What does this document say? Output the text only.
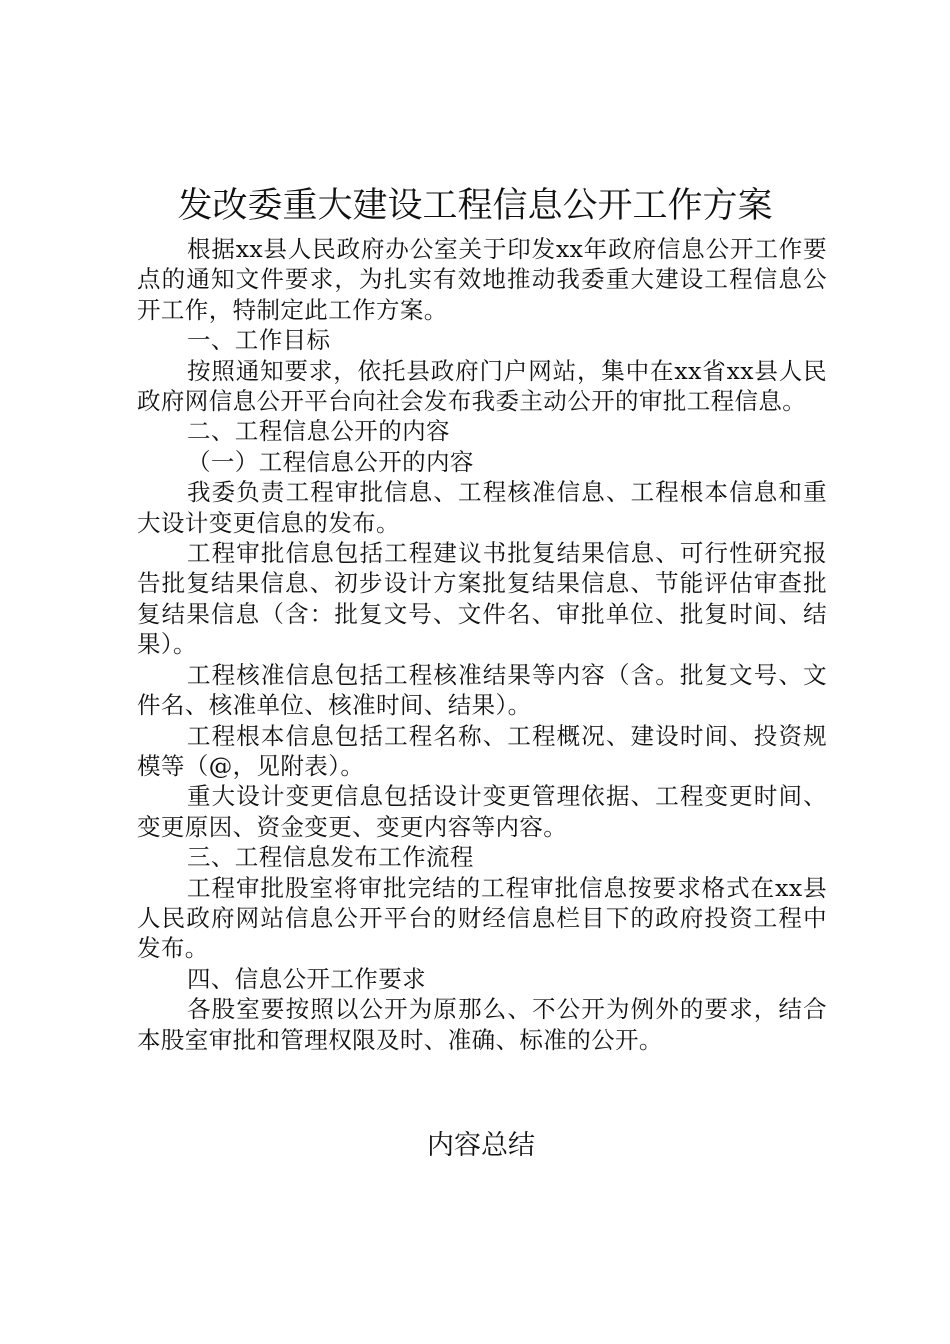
发改委重大建设工程信息公开工作方案

根据xx县人民政府办公室关于印发xx年政府信息公开工作要点的通知文件要求，为扎实有效地推动我委重大建设工程信息公开工作，特制定此工作方案。

一、工作目标

按照通知要求，依托县政府门户网站，集中在xx省xx县人民政府网信息公开平台向社会发布我委主动公开的审批工程信息。

二、工程信息公开的内容

（一）工程信息公开的内容

我委负责工程审批信息、工程核准信息、工程根本信息和重大设计变更信息的发布。

工程审批信息包括工程建议书批复结果信息、可行性研究报告批复结果信息、初步设计方案批复结果信息、节能评估审查批复结果信息（含：批复文号、文件名、审批单位、批复时间、结果）。

工程核准信息包括工程核准结果等内容（含。批复文号、文件名、核准单位、核准时间、结果）。

工程根本信息包括工程名称、工程概况、建设时间、投资规模等（@，见附表）。

重大设计变更信息包括设计变更管理依据、工程变更时间、变更原因、资金变更、变更内容等内容。

三、工程信息发布工作流程

工程审批股室将审批完结的工程审批信息按要求格式在xx县人民政府网站信息公开平台的财经信息栏目下的政府投资工程中发布。

四、信息公开工作要求

各股室要按照以公开为原那么、不公开为例外的要求，结合本股室审批和管理权限及时、准确、标准的公开。

内容总结
